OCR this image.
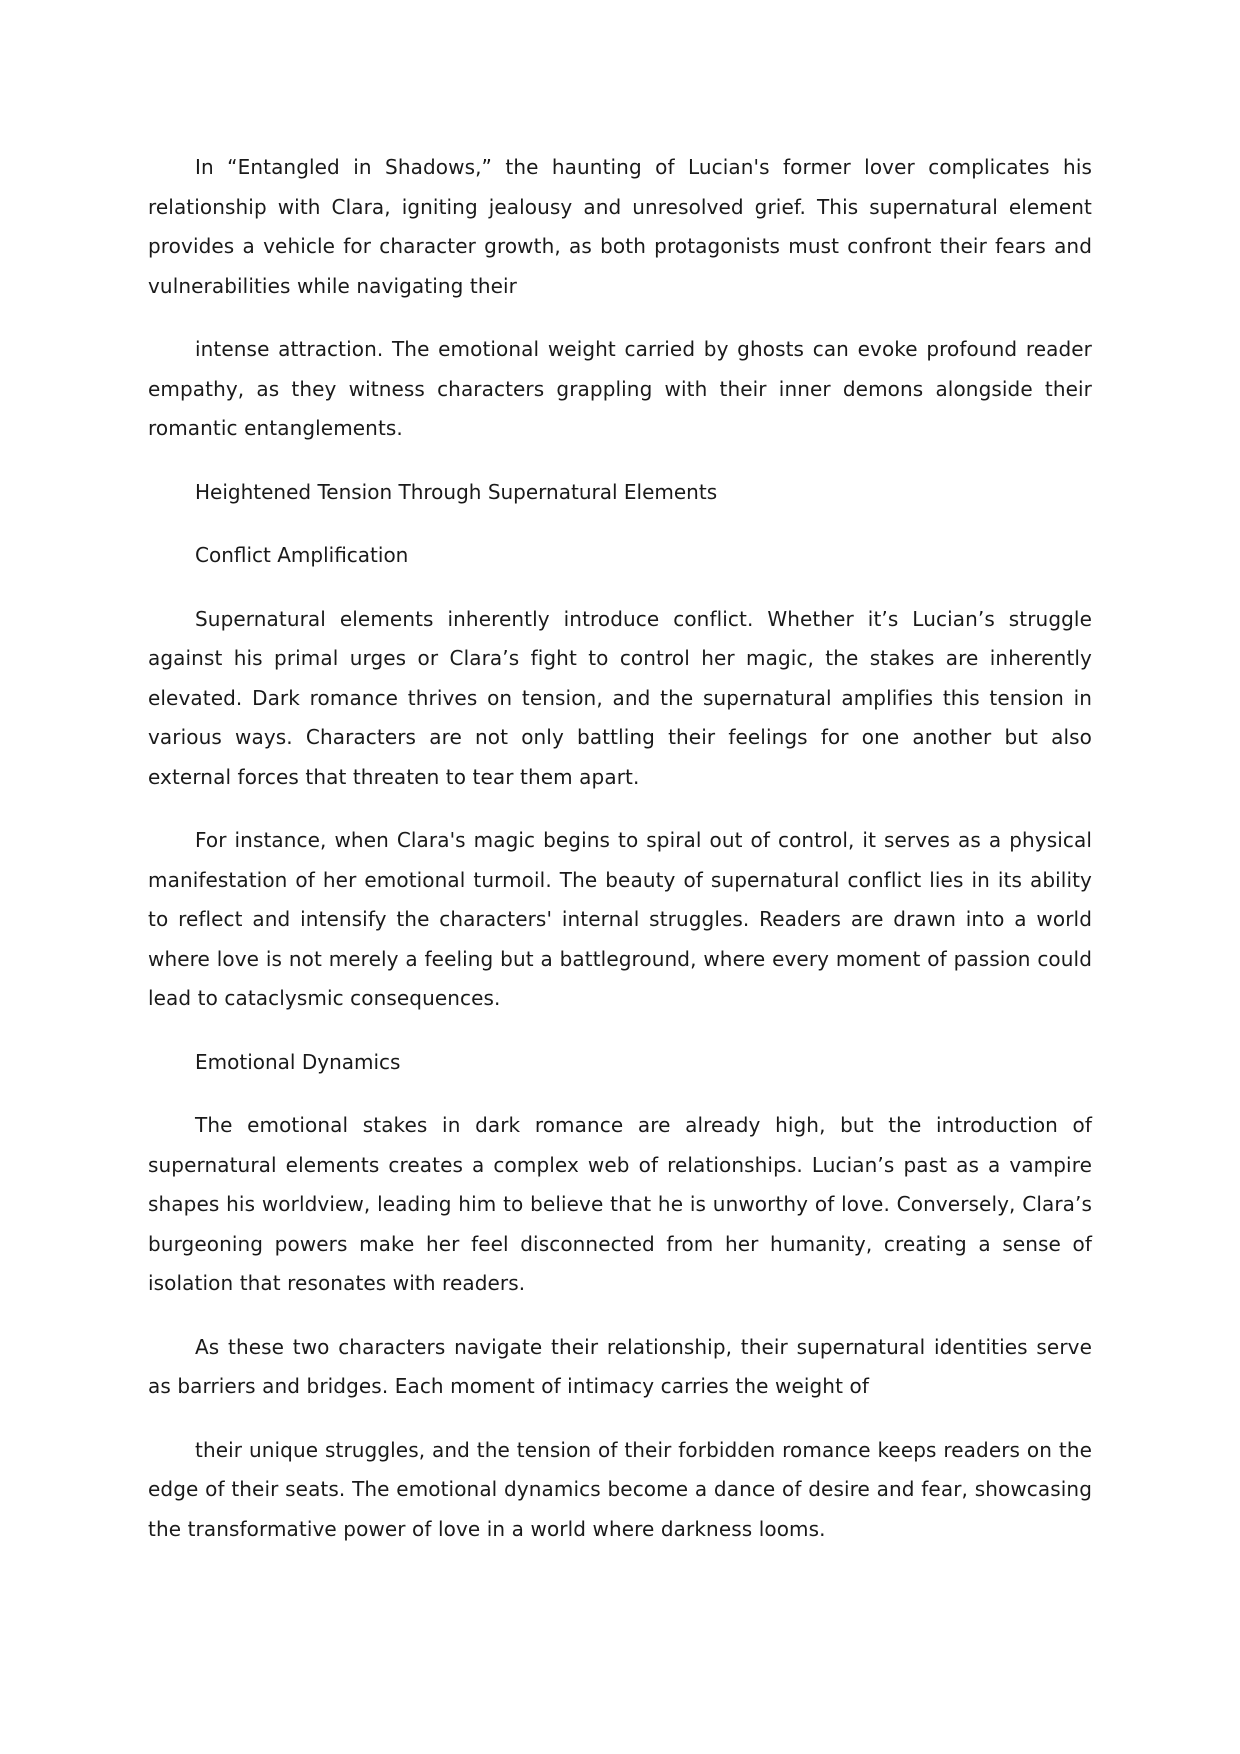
In “Entangled in Shadows,” the haunting of Lucian's former lover complicates his relationship with Clara, igniting jealousy and unresolved grief. This supernatural element provides a vehicle for character growth, as both protagonists must confront their fears and vulnerabilities while navigating their

intense attraction. The emotional weight carried by ghosts can evoke profound reader empathy, as they witness characters grappling with their inner demons alongside their romantic entanglements.

Heightened Tension Through Supernatural Elements

Conflict Amplification

Supernatural elements inherently introduce conflict. Whether it’s Lucian’s struggle against his primal urges or Clara’s fight to control her magic, the stakes are inherently elevated. Dark romance thrives on tension, and the supernatural amplifies this tension in various ways. Characters are not only battling their feelings for one another but also external forces that threaten to tear them apart.

For instance, when Clara's magic begins to spiral out of control, it serves as a physical manifestation of her emotional turmoil. The beauty of supernatural conflict lies in its ability to reflect and intensify the characters' internal struggles. Readers are drawn into a world where love is not merely a feeling but a battleground, where every moment of passion could lead to cataclysmic consequences.

Emotional Dynamics

The emotional stakes in dark romance are already high, but the introduction of supernatural elements creates a complex web of relationships. Lucian’s past as a vampire shapes his worldview, leading him to believe that he is unworthy of love. Conversely, Clara’s burgeoning powers make her feel disconnected from her humanity, creating a sense of isolation that resonates with readers.

As these two characters navigate their relationship, their supernatural identities serve as barriers and bridges. Each moment of intimacy carries the weight of

their unique struggles, and the tension of their forbidden romance keeps readers on the edge of their seats. The emotional dynamics become a dance of desire and fear, showcasing the transformative power of love in a world where darkness looms.
